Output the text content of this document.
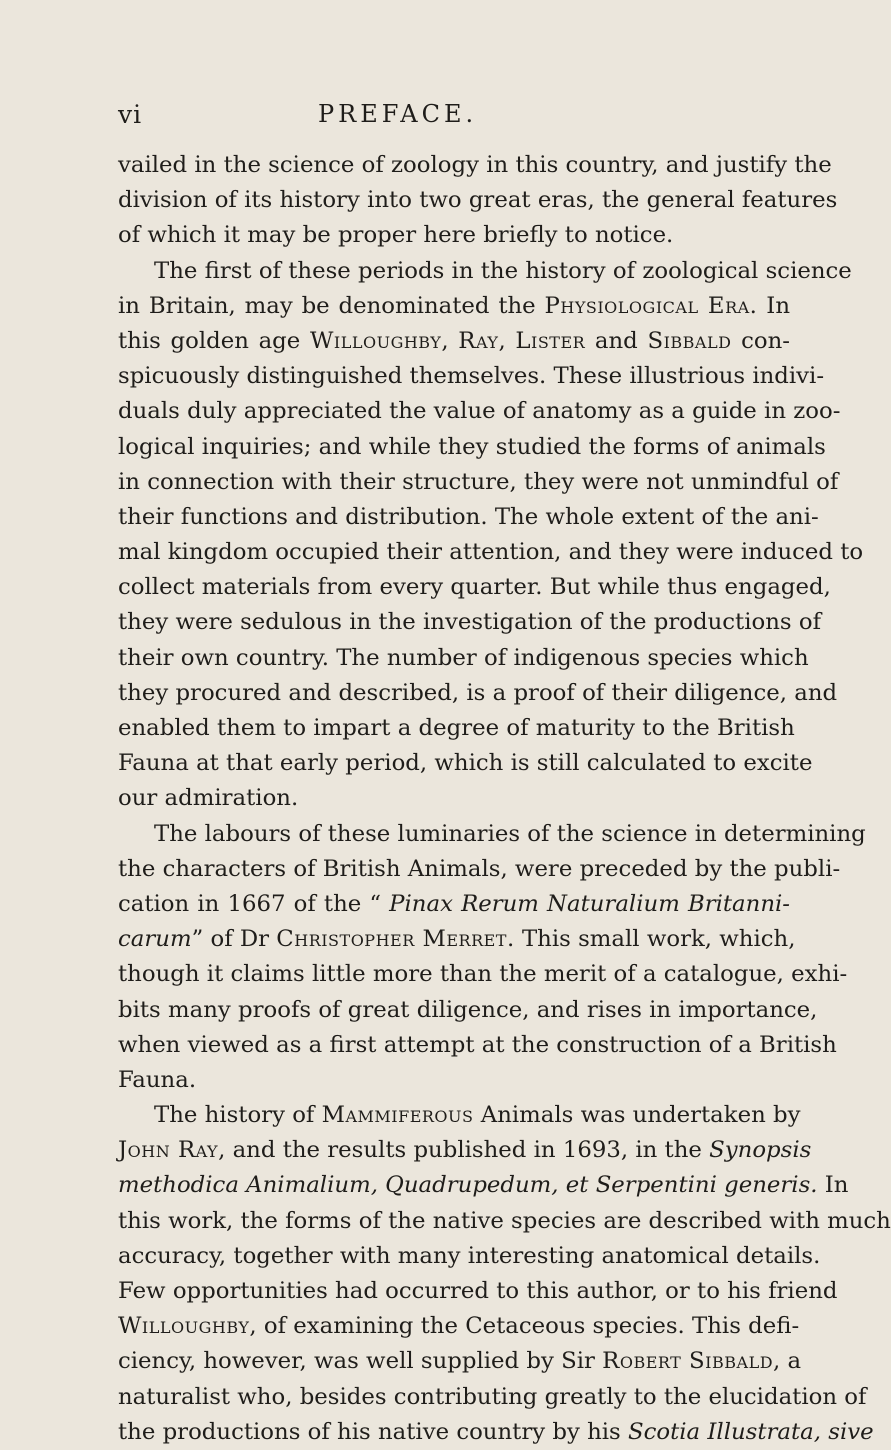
vi	PREFACE.
vailed in the science of zoology in this country, and justify the
division of its history into two great eras, the general features
of which it may be proper here briefly to notice.
The first of these periods in the history of zoological science
in Britain, may be denominated the Physiological Era. In
this golden age Willoughby, Ray, Lister and Sibbald con-
spicuously distinguished themselves. These illustrious indivi-
duals duly appreciated the value of anatomy as a guide in zoo-
logical inquiries; and while they studied the forms of animals
in connection with their structure, they were not unmindful of
their functions and distribution. The whole extent of the ani-
mal kingdom occupied their attention, and they were induced to
collect materials from every quarter. But while thus engaged,
they were sedulous in the investigation of the productions of
their own country. The number of indigenous species which
they procured and described, is a proof of their diligence, and
enabled them to impart a degree of maturity to the British
Fauna at that early period, which is still calculated to excite
our admiration.
The labours of these luminaries of the science in determining
the characters of British Animals, were preceded by the publi-
cation in 1667 of the “ Pinax Rerum Naturalium Britanni-
carum” of Dr Christopher Merret. This small work, which,
though it claims little more than the merit of a catalogue, exhi-
bits many proofs of great diligence, and rises in importance,
when viewed as a first attempt at the construction of a British
Fauna.
The history of Mammiferous Animals was undertaken by
John Ray, and the results published in 1693, in the Synopsis
methodica Animalium, Quadrupedum, et Serpentini generis. In
this work, the forms of the native species are described with much
accuracy, together with many interesting anatomical details.
Few opportunities had occurred to this author, or to his friend
Willoughby, of examining the Cetaceous species. This defi-
ciency, however, was well supplied by Sir Robert Sibbald, a
naturalist who, besides contributing greatly to the elucidation of
the productions of his native country by his Scotia Illustrata, sive
